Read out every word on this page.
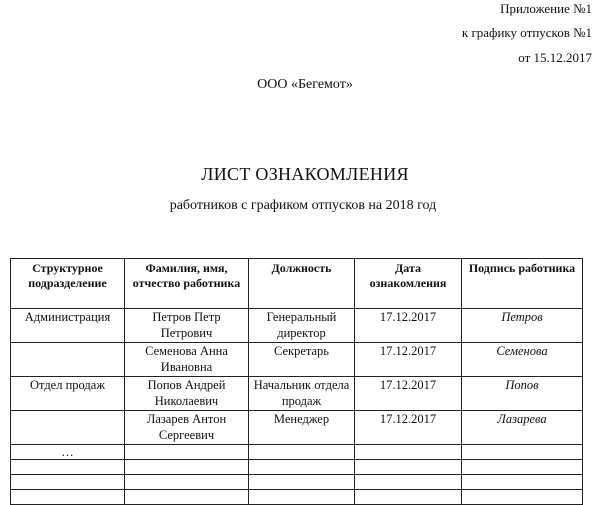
Приложение №1
к графику отпусков №1
от 15.12.2017
ООО «Бегемот»
ЛИСТ ОЗНАКОМЛЕНИЯ
работников с графиком отпусков на 2018 год
Структурное подразделение	Фамилия, имя, отчество работника	Должность	Дата ознакомления	Подпись работника
Администрация	Петров Петр Петрович	Генеральный директор	17.12.2017	Петров
	Семенова Анна Ивановна	Секретарь	17.12.2017	Семенова
Отдел продаж	Попов Андрей Николаевич	Начальник отдела продаж	17.12.2017	Попов
	Лазарев Антон Сергеевич	Менеджер	17.12.2017	Лазарева
…				
